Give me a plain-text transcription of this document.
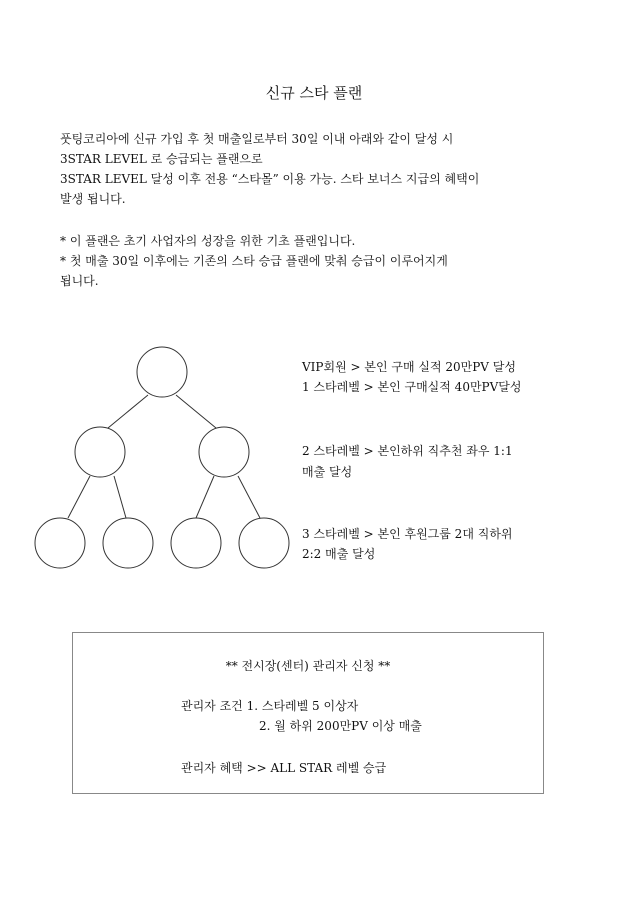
신규 스타 플랜
풋팅코리아에 신규 가입 후 첫 매출일로부터 30일 이내 아래와 같이 달성 시
3STAR LEVEL 로 승급되는 플랜으로
3STAR LEVEL 달성 이후 전용 “스타몰” 이용 가능. 스타 보너스 지급의 혜택이
발생 됩니다.
* 이 플랜은 초기 사업자의 성장을 위한 기초 플랜입니다.
* 첫 매출 30일 이후에는 기존의 스타 승급 플랜에 맞춰 승급이 이루어지게
됩니다.
VIP회원 > 본인 구매 실적 20만PV 달성
1 스타레벨 > 본인 구매실적 40만PV달성
2 스타레벨 > 본인하위 직추천 좌우 1:1
매출 달성
3 스타레벨 > 본인 후원그룹 2대 직하위
2:2 매출 달성
** 전시장(센터) 관리자 신청 **
관리자 조건 1. 스타레벨 5 이상자
2. 월 하위 200만PV 이상 매출
관리자 혜택 >> ALL STAR 레벨 승급
